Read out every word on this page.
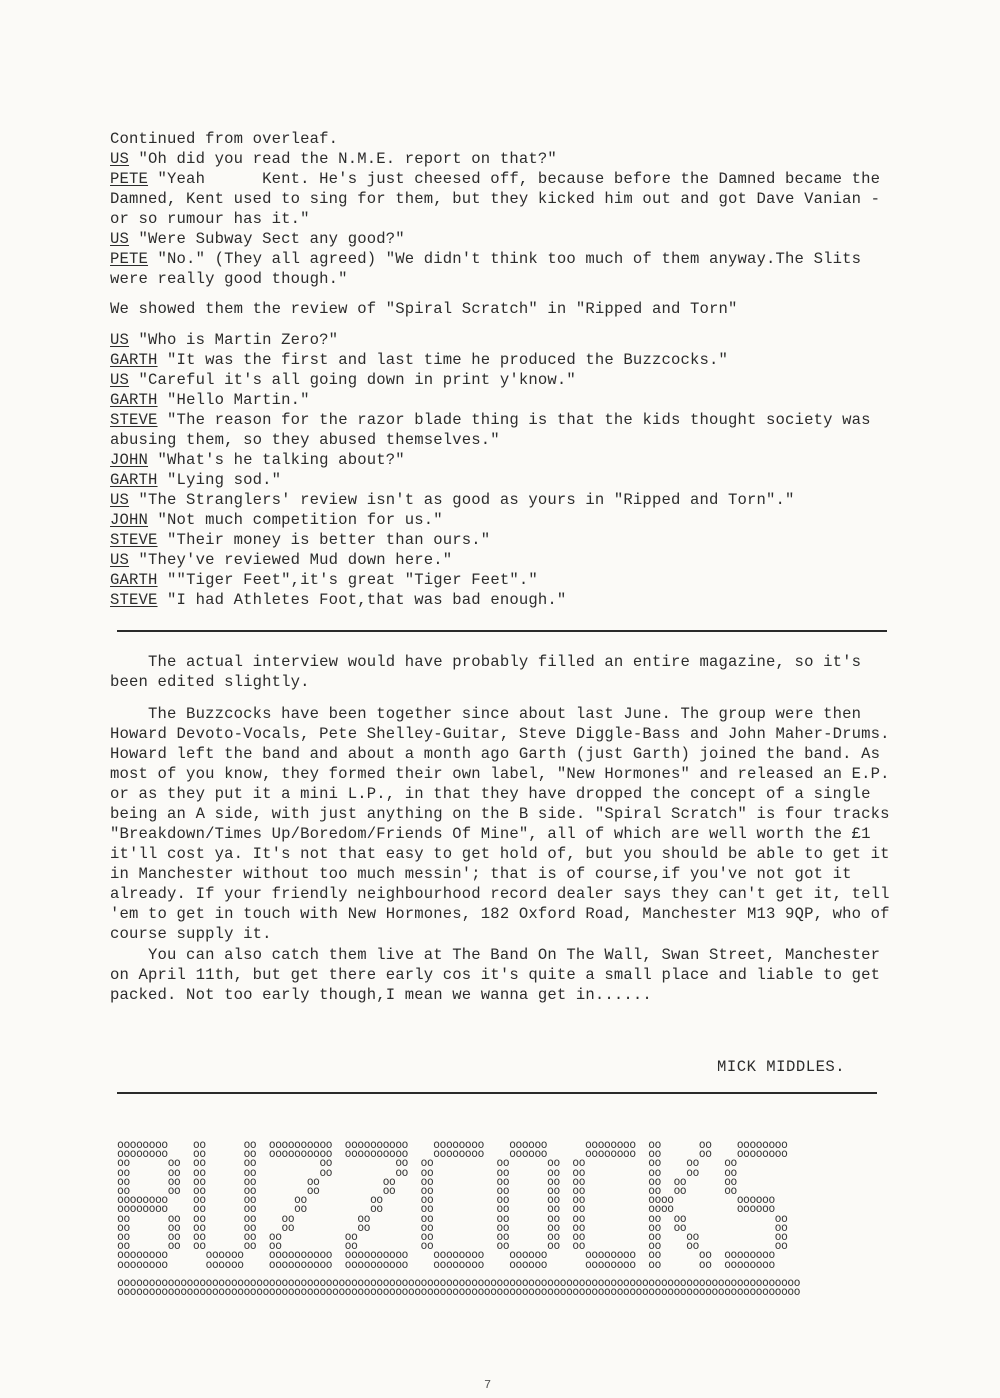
Continued from overleaf.

US "Oh did you read the N.M.E. report on that?"

PETE "Yeah      Kent. He's just cheesed off, because before the Damned became the

Damned, Kent used to sing for them, but they kicked him out and got Dave Vanian -

or so rumour has it."

US "Were Subway Sect any good?"

PETE "No." (They all agreed) "We didn't think too much of them anyway.The Slits

were really good though."

We showed them the review of "Spiral Scratch" in "Ripped and Torn"

US "Who is Martin Zero?"

GARTH "It was the first and last time he produced the Buzzcocks."

US "Careful it's all going down in print y'know."

GARTH "Hello Martin."

STEVE "The reason for the razor blade thing is that the kids thought society was

abusing them, so they abused themselves."

JOHN "What's he talking about?"

GARTH "Lying sod."

US "The Stranglers' review isn't as good as yours in "Ripped and Torn"."

JOHN "Not much competition for us."

STEVE "Their money is better than ours."

US "They've reviewed Mud down here."

GARTH ""Tiger Feet",it's great "Tiger Feet"."

STEVE "I had Athletes Foot,that was bad enough."

The actual interview would have probably filled an entire magazine, so it's

been edited slightly.

The Buzzcocks have been together since about last June. The group were then

Howard Devoto-Vocals, Pete Shelley-Guitar, Steve Diggle-Bass and John Maher-Drums.

Howard left the band and about a month ago Garth (just Garth) joined the band. As

most of you know, they formed their own label, "New Hormones" and released an E.P.

or as they put it a mini L.P., in that they have dropped the concept of a single

being an A side, with just anything on the B side. "Spiral Scratch" is four tracks

"Breakdown/Times Up/Boredom/Friends Of Mine", all of which are well worth the £1

it'll cost ya. It's not that easy to get hold of, but you should be able to get it

in Manchester without too much messin'; that is of course,if you've not got it

already. If your friendly neighbourhood record dealer says they can't get it, tell

'em to get in touch with New Hormones, 182 Oxford Road, Manchester M13 9QP, who of

course supply it.

You can also catch them live at The Band On The Wall, Swan Street, Manchester

on April 11th, but get there early cos it's quite a small place and liable to get

packed. Not too early though,I mean we wanna get in......

MICK MIDDLES.
oooooooo    oo      oo  oooooooooo  oooooooooo    oooooooo    oooooo      oooooooo  oo      oo    oooooooo
oooooooo    oo      oo  oooooooooo  oooooooooo    oooooooo    oooooo      oooooooo  oo      oo    oooooooo
oo      oo  oo      oo          oo          oo  oo          oo      oo  oo          oo    oo    oo
oo      oo  oo      oo          oo          oo  oo          oo      oo  oo          oo    oo    oo
oo      oo  oo      oo        oo          oo    oo          oo      oo  oo          oo  oo      oo
oo      oo  oo      oo        oo          oo    oo          oo      oo  oo          oo  oo      oo
oooooooo    oo      oo      oo          oo      oo          oo      oo  oo          oooo          oooooo
oooooooo    oo      oo      oo          oo      oo          oo      oo  oo          oooo          oooooo
oo      oo  oo      oo    oo          oo        oo          oo      oo  oo          oo  oo              oo
oo      oo  oo      oo    oo          oo        oo          oo      oo  oo          oo  oo              oo
oo      oo  oo      oo  oo          oo          oo          oo      oo  oo          oo    oo            oo
oo      oo  oo      oo  oo          oo          oo          oo      oo  oo          oo    oo            oo
oooooooo      oooooo    oooooooooo  oooooooooo    oooooooo    oooooo      oooooooo  oo      oo  oooooooo
oooooooo      oooooo    oooooooooo  oooooooooo    oooooooo    oooooo      oooooooo  oo      oo  oooooooo

oooooooooooooooooooooooooooooooooooooooooooooooooooooooooooooooooooooooooooooooooooooooooooooooooooooooooooo
oooooooooooooooooooooooooooooooooooooooooooooooooooooooooooooooooooooooooooooooooooooooooooooooooooooooooooo
7
